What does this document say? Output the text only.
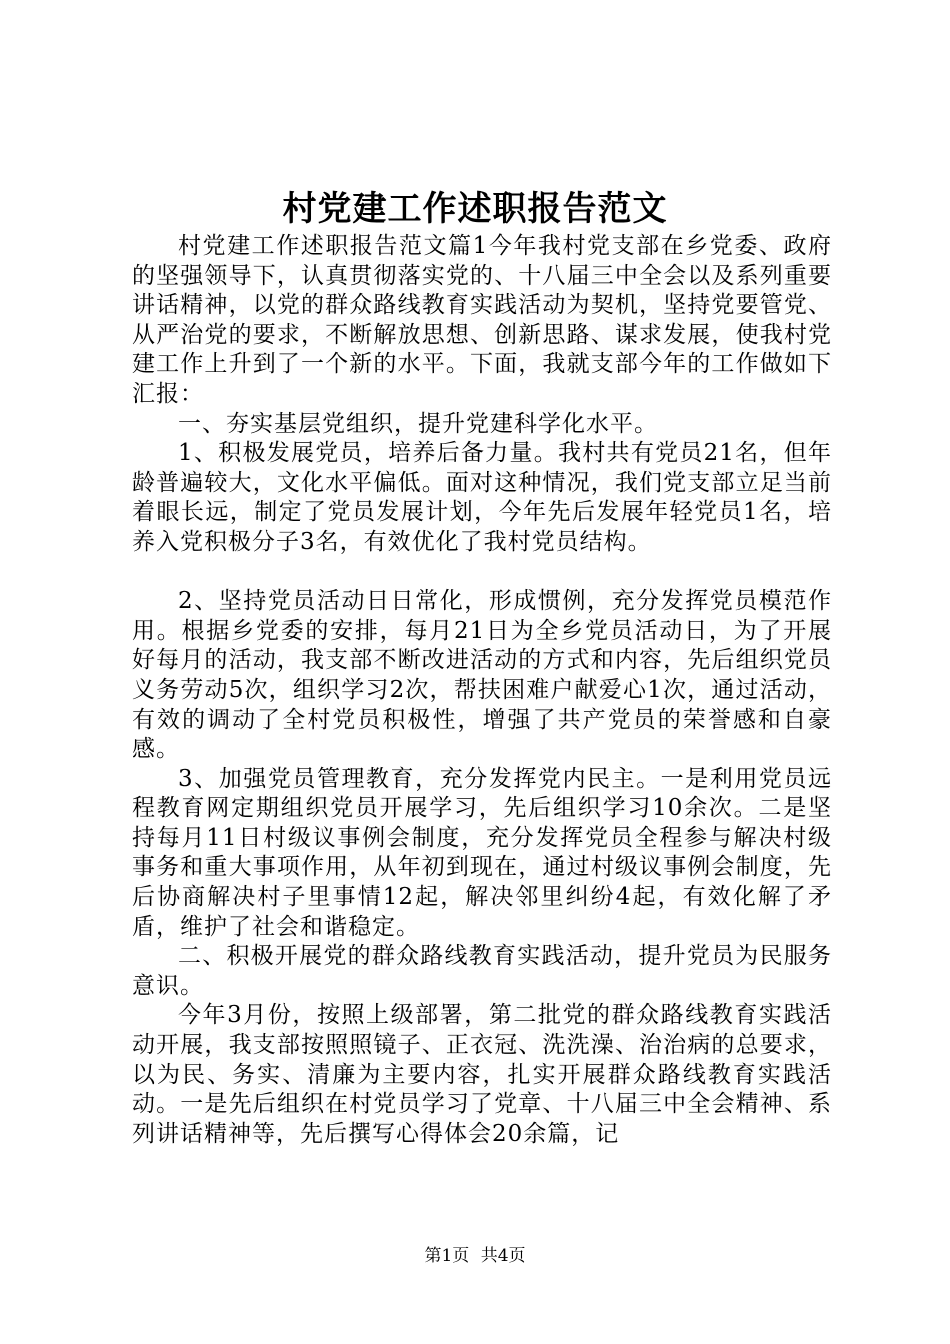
村党建工作述职报告范文

村党建工作述职报告范文篇1今年我村党支部在乡党委、政府的坚强领导下，认真贯彻落实党的、十八届三中全会以及系列重要讲话精神，以党的群众路线教育实践活动为契机，坚持党要管党、从严治党的要求，不断解放思想、创新思路、谋求发展，使我村党建工作上升到了一个新的水平。下面，我就支部今年的工作做如下汇报：

一、夯实基层党组织，提升党建科学化水平。

1、积极发展党员，培养后备力量。我村共有党员21名，但年龄普遍较大，文化水平偏低。面对这种情况，我们党支部立足当前着眼长远，制定了党员发展计划，今年先后发展年轻党员1名，培养入党积极分子3名，有效优化了我村党员结构。

2、坚持党员活动日日常化，形成惯例，充分发挥党员模范作用。根据乡党委的安排，每月21日为全乡党员活动日，为了开展好每月的活动，我支部不断改进活动的方式和内容，先后组织党员义务劳动5次，组织学习2次，帮扶困难户献爱心1次，通过活动，有效的调动了全村党员积极性，增强了共产党员的荣誉感和自豪感。

3、加强党员管理教育，充分发挥党内民主。一是利用党员远程教育网定期组织党员开展学习，先后组织学习10余次。二是坚持每月11日村级议事例会制度，充分发挥党员全程参与解决村级事务和重大事项作用，从年初到现在，通过村级议事例会制度，先后协商解决村子里事情12起，解决邻里纠纷4起，有效化解了矛盾，维护了社会和谐稳定。

二、积极开展党的群众路线教育实践活动，提升党员为民服务意识。

今年3月份，按照上级部署，第二批党的群众路线教育实践活动开展，我支部按照照镜子、正衣冠、洗洗澡、治治病的总要求，以为民、务实、清廉为主要内容，扎实开展群众路线教育实践活动。一是先后组织在村党员学习了党章、十八届三中全会精神、系列讲话精神等，先后撰写心得体会20余篇，记

第1页 共4页
